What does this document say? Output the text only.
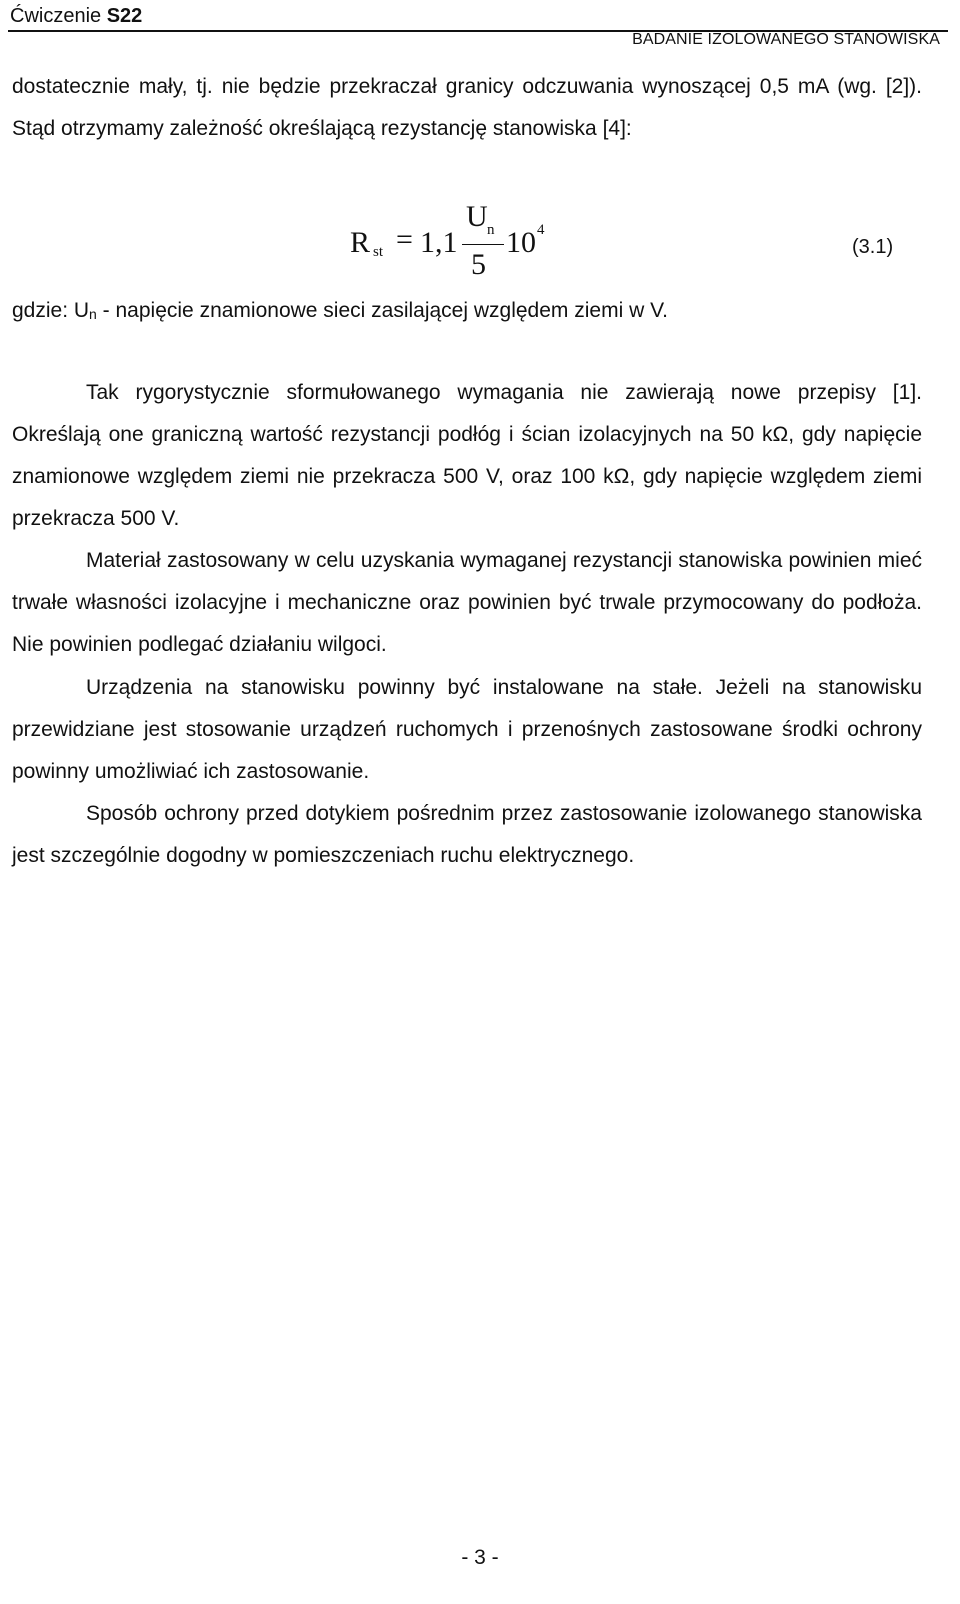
Ćwiczenie S22
BADANIE IZOLOWANEGO STANOWISKA

dostatecznie mały, tj. nie będzie przekraczał granicy odczuwania wynoszącej 0,5 mA (wg. [2]). Stąd otrzymamy zależność określającą rezystancję stanowiska [4]:

R st = 1,1
U n
5
10 4
(3.1)
gdzie: Un - napięcie znamionowe sieci zasilającej względem ziemi w V.

Tak rygorystycznie sformułowanego wymagania nie zawierają nowe przepisy [1]. Określają one graniczną wartość rezystancji podłóg i ścian izolacyjnych na 50 kΩ, gdy napięcie znamionowe względem ziemi nie przekracza 500 V, oraz 100 kΩ, gdy napięcie względem ziemi przekracza 500 V.

Materiał zastosowany w celu uzyskania wymaganej rezystancji stanowiska powinien mieć trwałe własności izolacyjne i mechaniczne oraz powinien być trwale przymocowany do podłoża. Nie powinien podlegać działaniu wilgoci.

Urządzenia na stanowisku powinny być instalowane na stałe. Jeżeli na stanowisku przewidziane jest stosowanie urządzeń ruchomych i przenośnych zastosowane środki ochrony powinny umożliwiać ich zastosowanie.

Sposób ochrony przed dotykiem pośrednim przez zastosowanie izolowanego stanowiska jest szczególnie dogodny w pomieszczeniach ruchu elektrycznego.

- 3 -
